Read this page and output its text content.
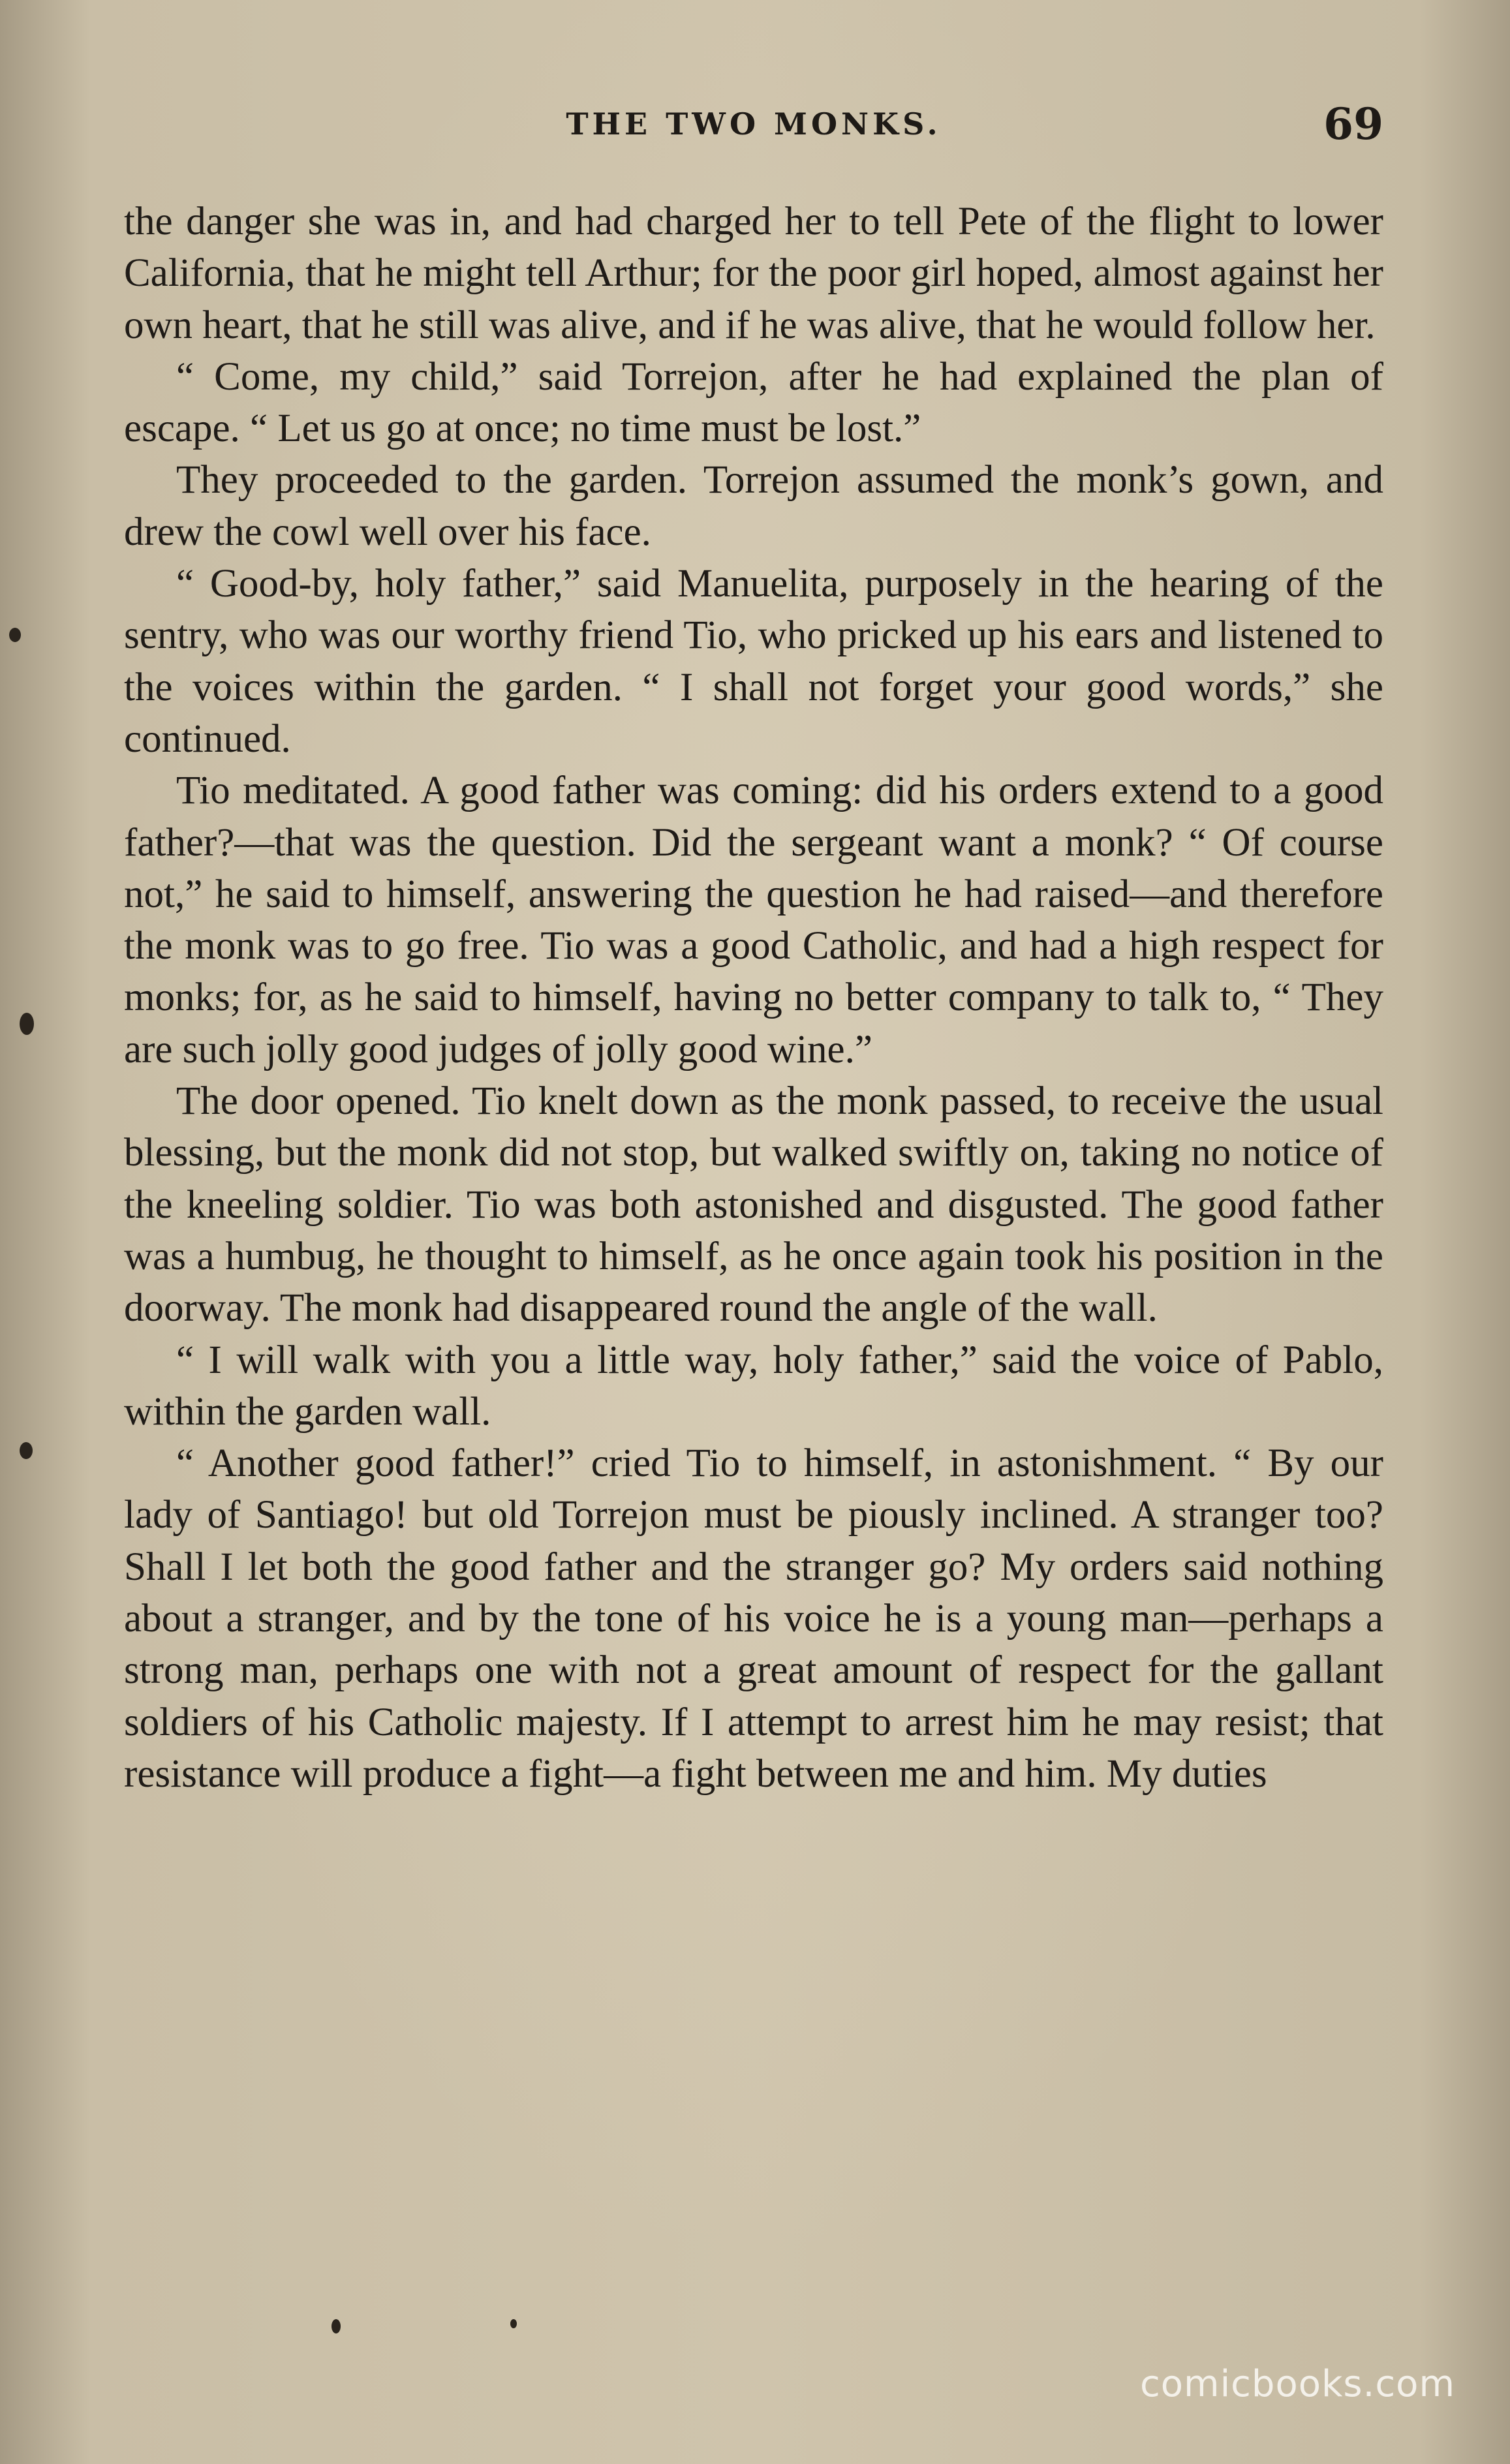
THE TWO MONKS.	69

the danger she was in, and had charged her to tell Pete of the flight to lower California, that he might tell Arthur; for the poor girl hoped, almost against her own heart, that he still was alive, and if he was alive, that he would follow her.

“ Come, my child,” said Torrejon, after he had explained the plan of escape. “ Let us go at once; no time must be lost.”

They proceeded to the garden. Torrejon assumed the monk’s gown, and drew the cowl well over his face.

“ Good-by, holy father,” said Manuelita, purposely in the hearing of the sentry, who was our worthy friend Tio, who pricked up his ears and listened to the voices within the garden. “ I shall not forget your good words,” she continued.

Tio meditated. A good father was coming: did his orders extend to a good father?—that was the question. Did the sergeant want a monk? “ Of course not,” he said to himself, answering the question he had raised—and therefore the monk was to go free. Tio was a good Catholic, and had a high respect for monks; for, as he said to himself, having no better company to talk to, “ They are such jolly good judges of jolly good wine.”

The door opened. Tio knelt down as the monk passed, to receive the usual blessing, but the monk did not stop, but walked swiftly on, taking no notice of the kneeling soldier. Tio was both astonished and disgusted. The good father was a humbug, he thought to himself, as he once again took his position in the doorway. The monk had disappeared round the angle of the wall.

“ I will walk with you a little way, holy father,” said the voice of Pablo, within the garden wall.

“ Another good father!” cried Tio to himself, in astonishment. “ By our lady of Santiago! but old Torrejon must be piously inclined. A stranger too? Shall I let both the good father and the stranger go? My orders said nothing about a stranger, and by the tone of his voice he is a young man—perhaps a strong man, perhaps one with not a great amount of respect for the gallant soldiers of his Catholic majesty. If I attempt to arrest him he may resist; that resistance will produce a fight—a fight between me and him. My duties

comicbooks.com
